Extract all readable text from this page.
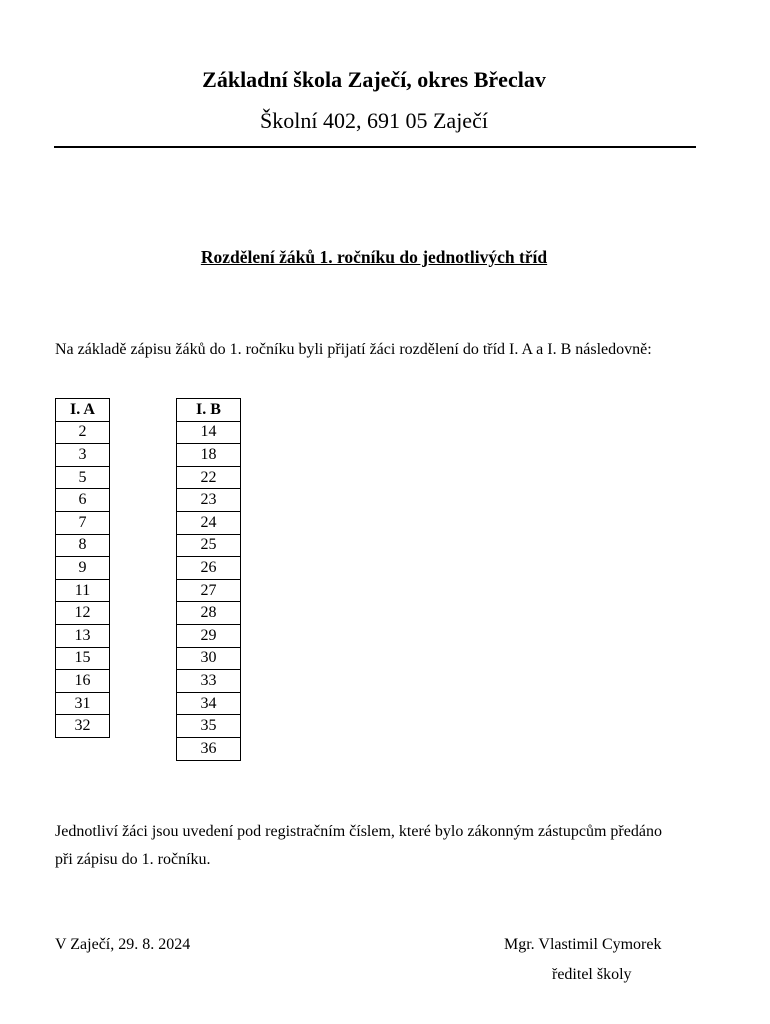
Základní škola Zaječí, okres Břeclav
Školní 402, 691 05 Zaječí
Rozdělení žáků 1. ročníku do jednotlivých tříd
Na základě zápisu žáků do 1. ročníku byli přijatí žáci rozdělení do tříd I. A a I. B následovně:
I. A
2
3
5
6
7
8
9
11
12
13
15
16
31
32
I. B
14
18
22
23
24
25
26
27
28
29
30
33
34
35
36

Jednotliví žáci jsou uvedení pod registračním číslem, které bylo zákonným zástupcům předáno

při zápisu do 1. ročníku.

V Zaječí, 29. 8. 2024	Mgr. Vlastimil Cymorek
ředitel školy
